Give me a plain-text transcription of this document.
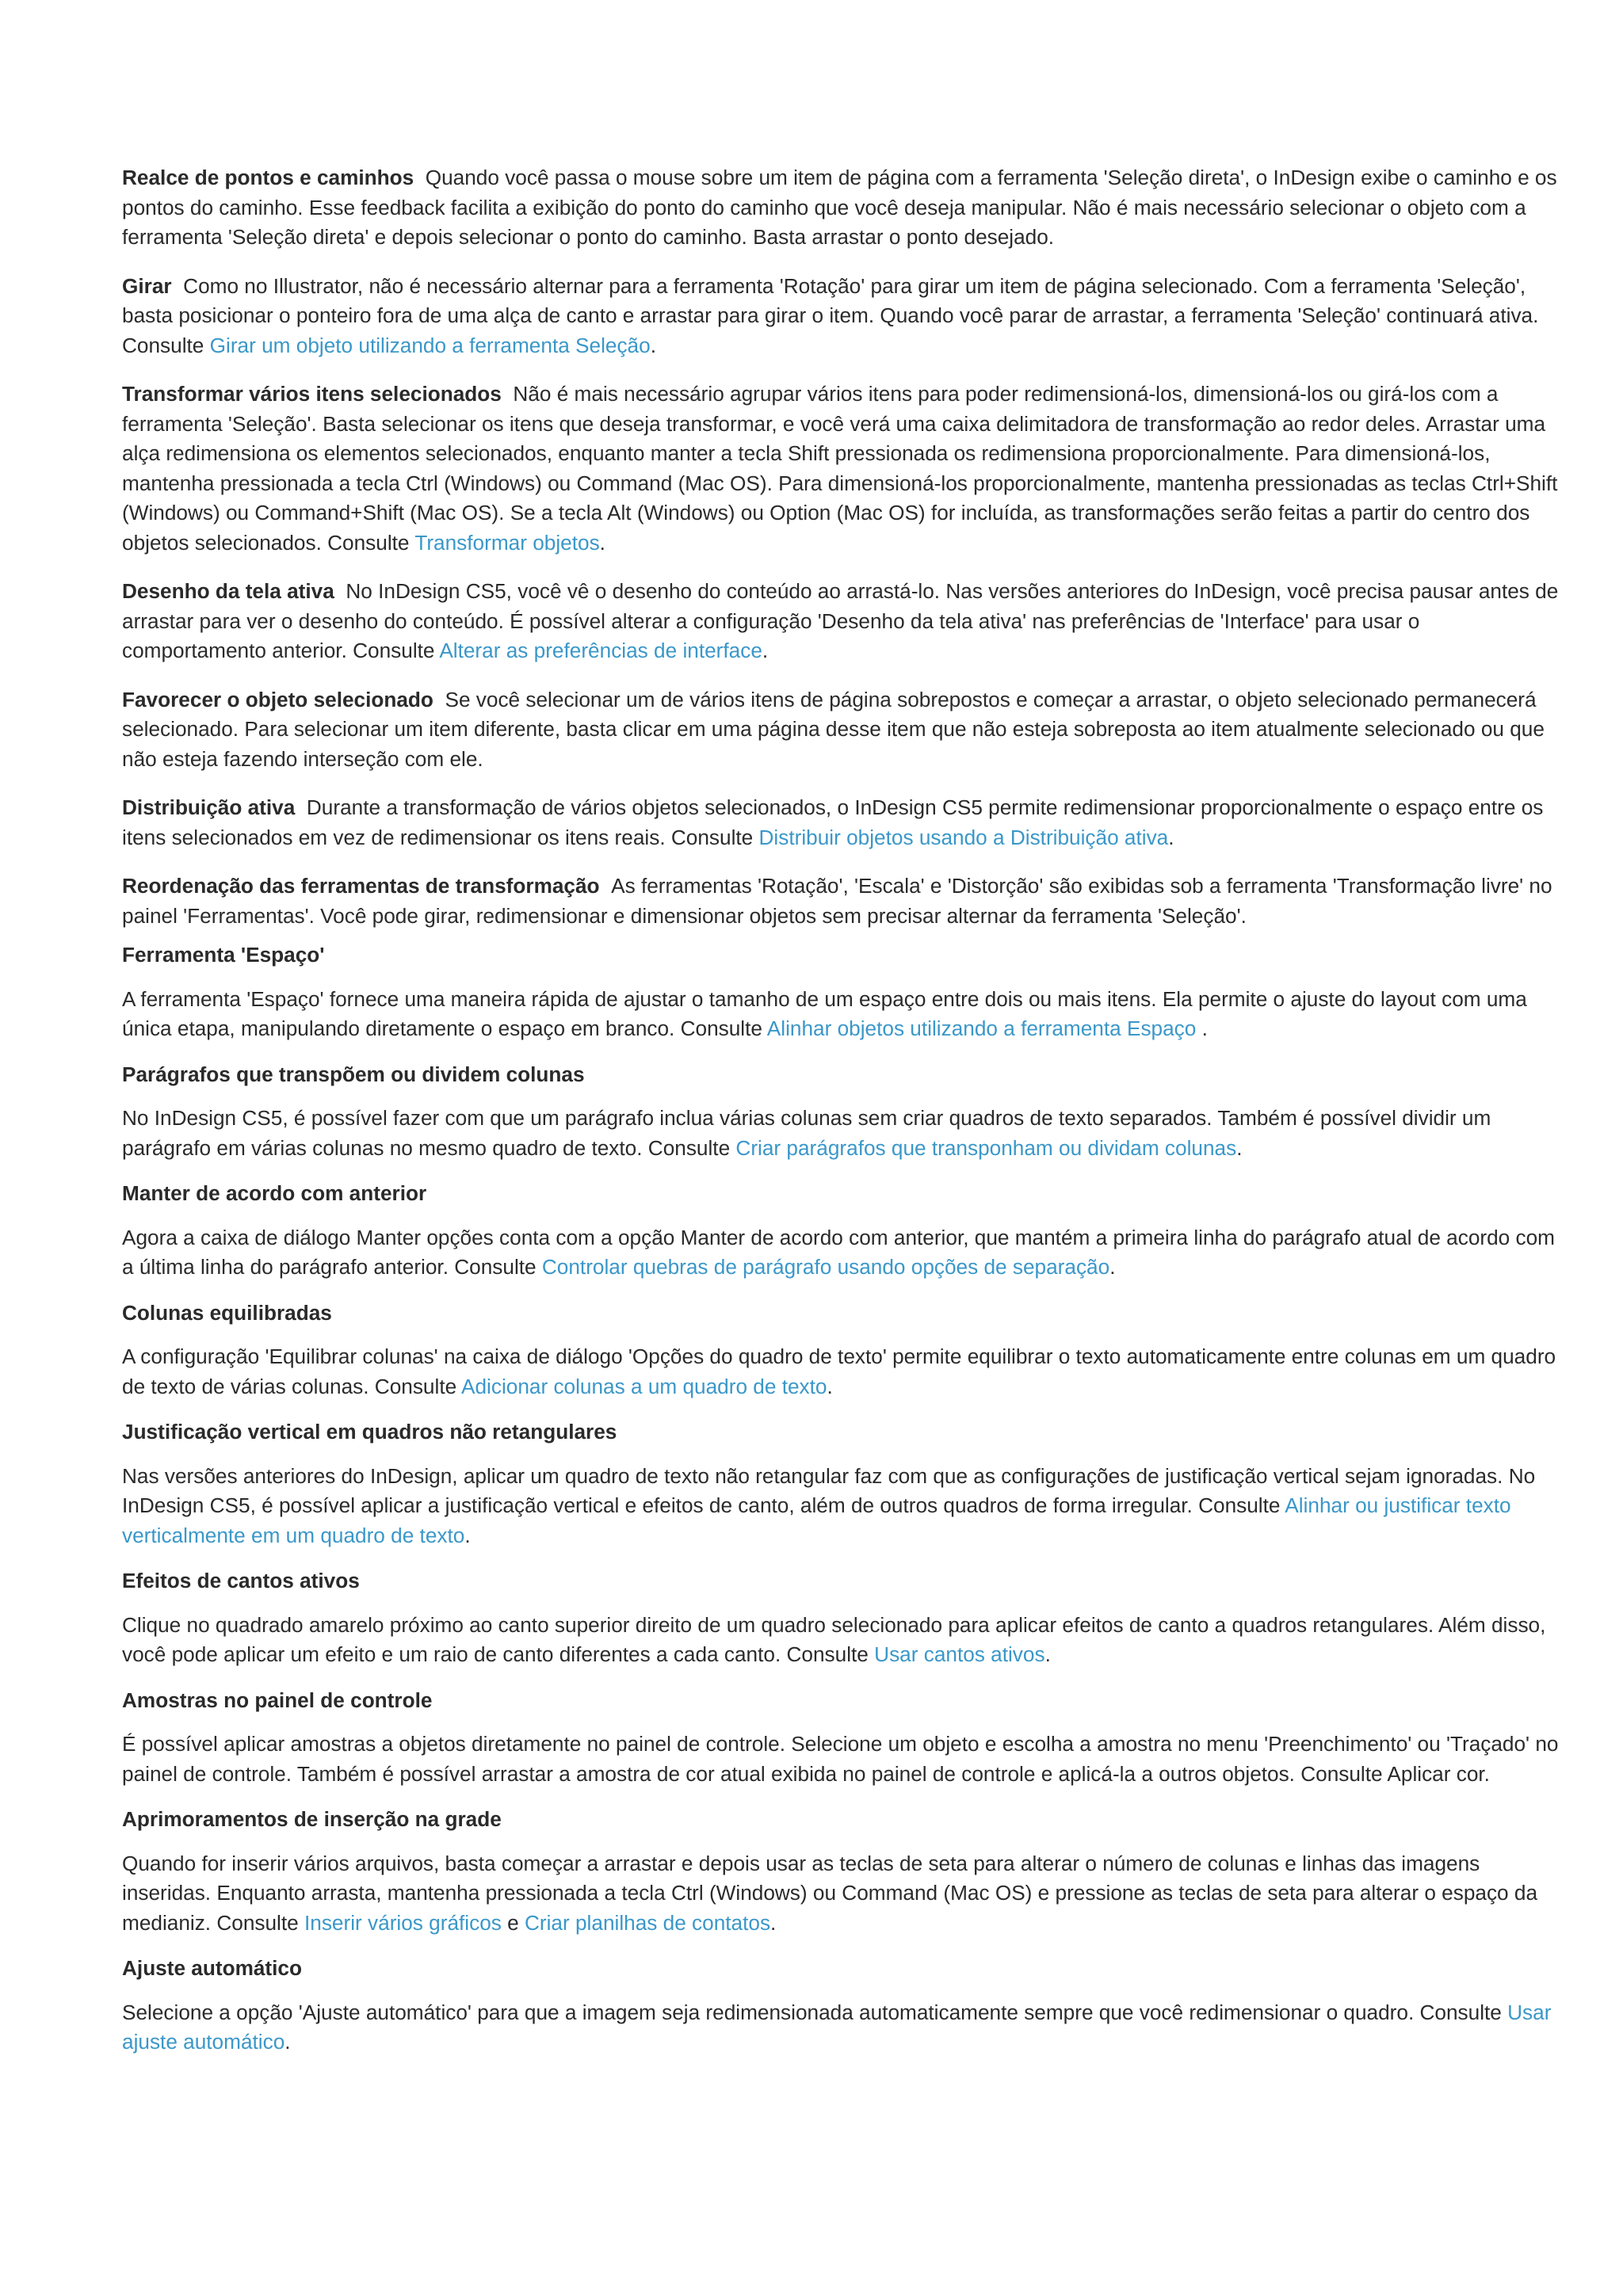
Realce de pontos e caminhos Quando você passa o mouse sobre um item de página com a ferramenta 'Seleção direta', o InDesign exibe o caminho e os pontos do caminho. Esse feedback facilita a exibição do ponto do caminho que você deseja manipular. Não é mais necessário selecionar o objeto com a ferramenta 'Seleção direta' e depois selecionar o ponto do caminho. Basta arrastar o ponto desejado.

Girar Como no Illustrator, não é necessário alternar para a ferramenta 'Rotação' para girar um item de página selecionado. Com a ferramenta 'Seleção', basta posicionar o ponteiro fora de uma alça de canto e arrastar para girar o item. Quando você parar de arrastar, a ferramenta 'Seleção' continuará ativa. Consulte Girar um objeto utilizando a ferramenta Seleção.

Transformar vários itens selecionados Não é mais necessário agrupar vários itens para poder redimensioná-los, dimensioná-los ou girá-los com a ferramenta 'Seleção'. Basta selecionar os itens que deseja transformar, e você verá uma caixa delimitadora de transformação ao redor deles. Arrastar uma alça redimensiona os elementos selecionados, enquanto manter a tecla Shift pressionada os redimensiona proporcionalmente. Para dimensioná-los, mantenha pressionada a tecla Ctrl (Windows) ou Command (Mac OS). Para dimensioná-los proporcionalmente, mantenha pressionadas as teclas Ctrl+Shift (Windows) ou Command+Shift (Mac OS). Se a tecla Alt (Windows) ou Option (Mac OS) for incluída, as transformações serão feitas a partir do centro dos objetos selecionados. Consulte Transformar objetos.

Desenho da tela ativa No InDesign CS5, você vê o desenho do conteúdo ao arrastá-lo. Nas versões anteriores do InDesign, você precisa pausar antes de arrastar para ver o desenho do conteúdo. É possível alterar a configuração 'Desenho da tela ativa' nas preferências de 'Interface' para usar o comportamento anterior. Consulte Alterar as preferências de interface.

Favorecer o objeto selecionado Se você selecionar um de vários itens de página sobrepostos e começar a arrastar, o objeto selecionado permanecerá selecionado. Para selecionar um item diferente, basta clicar em uma página desse item que não esteja sobreposta ao item atualmente selecionado ou que não esteja fazendo interseção com ele.

Distribuição ativa Durante a transformação de vários objetos selecionados, o InDesign CS5 permite redimensionar proporcionalmente o espaço entre os itens selecionados em vez de redimensionar os itens reais. Consulte Distribuir objetos usando a Distribuição ativa.

Reordenação das ferramentas de transformação As ferramentas 'Rotação', 'Escala' e 'Distorção' são exibidas sob a ferramenta 'Transformação livre' no painel 'Ferramentas'. Você pode girar, redimensionar e dimensionar objetos sem precisar alternar da ferramenta 'Seleção'.

Ferramenta 'Espaço'

A ferramenta 'Espaço' fornece uma maneira rápida de ajustar o tamanho de um espaço entre dois ou mais itens. Ela permite o ajuste do layout com uma única etapa, manipulando diretamente o espaço em branco. Consulte Alinhar objetos utilizando a ferramenta Espaço .

Parágrafos que transpõem ou dividem colunas

No InDesign CS5, é possível fazer com que um parágrafo inclua várias colunas sem criar quadros de texto separados. Também é possível dividir um parágrafo em várias colunas no mesmo quadro de texto. Consulte Criar parágrafos que transponham ou dividam colunas.

Manter de acordo com anterior

Agora a caixa de diálogo Manter opções conta com a opção Manter de acordo com anterior, que mantém a primeira linha do parágrafo atual de acordo com a última linha do parágrafo anterior. Consulte Controlar quebras de parágrafo usando opções de separação.

Colunas equilibradas

A configuração 'Equilibrar colunas' na caixa de diálogo 'Opções do quadro de texto' permite equilibrar o texto automaticamente entre colunas em um quadro de texto de várias colunas. Consulte Adicionar colunas a um quadro de texto.

Justificação vertical em quadros não retangulares

Nas versões anteriores do InDesign, aplicar um quadro de texto não retangular faz com que as configurações de justificação vertical sejam ignoradas. No InDesign CS5, é possível aplicar a justificação vertical e efeitos de canto, além de outros quadros de forma irregular. Consulte Alinhar ou justificar texto verticalmente em um quadro de texto.

Efeitos de cantos ativos

Clique no quadrado amarelo próximo ao canto superior direito de um quadro selecionado para aplicar efeitos de canto a quadros retangulares. Além disso, você pode aplicar um efeito e um raio de canto diferentes a cada canto. Consulte Usar cantos ativos.

Amostras no painel de controle

É possível aplicar amostras a objetos diretamente no painel de controle. Selecione um objeto e escolha a amostra no menu 'Preenchimento' ou 'Traçado' no painel de controle. Também é possível arrastar a amostra de cor atual exibida no painel de controle e aplicá-la a outros objetos. Consulte Aplicar cor.

Aprimoramentos de inserção na grade

Quando for inserir vários arquivos, basta começar a arrastar e depois usar as teclas de seta para alterar o número de colunas e linhas das imagens inseridas. Enquanto arrasta, mantenha pressionada a tecla Ctrl (Windows) ou Command (Mac OS) e pressione as teclas de seta para alterar o espaço da medianiz. Consulte Inserir vários gráficos e Criar planilhas de contatos.

Ajuste automático

Selecione a opção 'Ajuste automático' para que a imagem seja redimensionada automaticamente sempre que você redimensionar o quadro. Consulte Usar ajuste automático.
